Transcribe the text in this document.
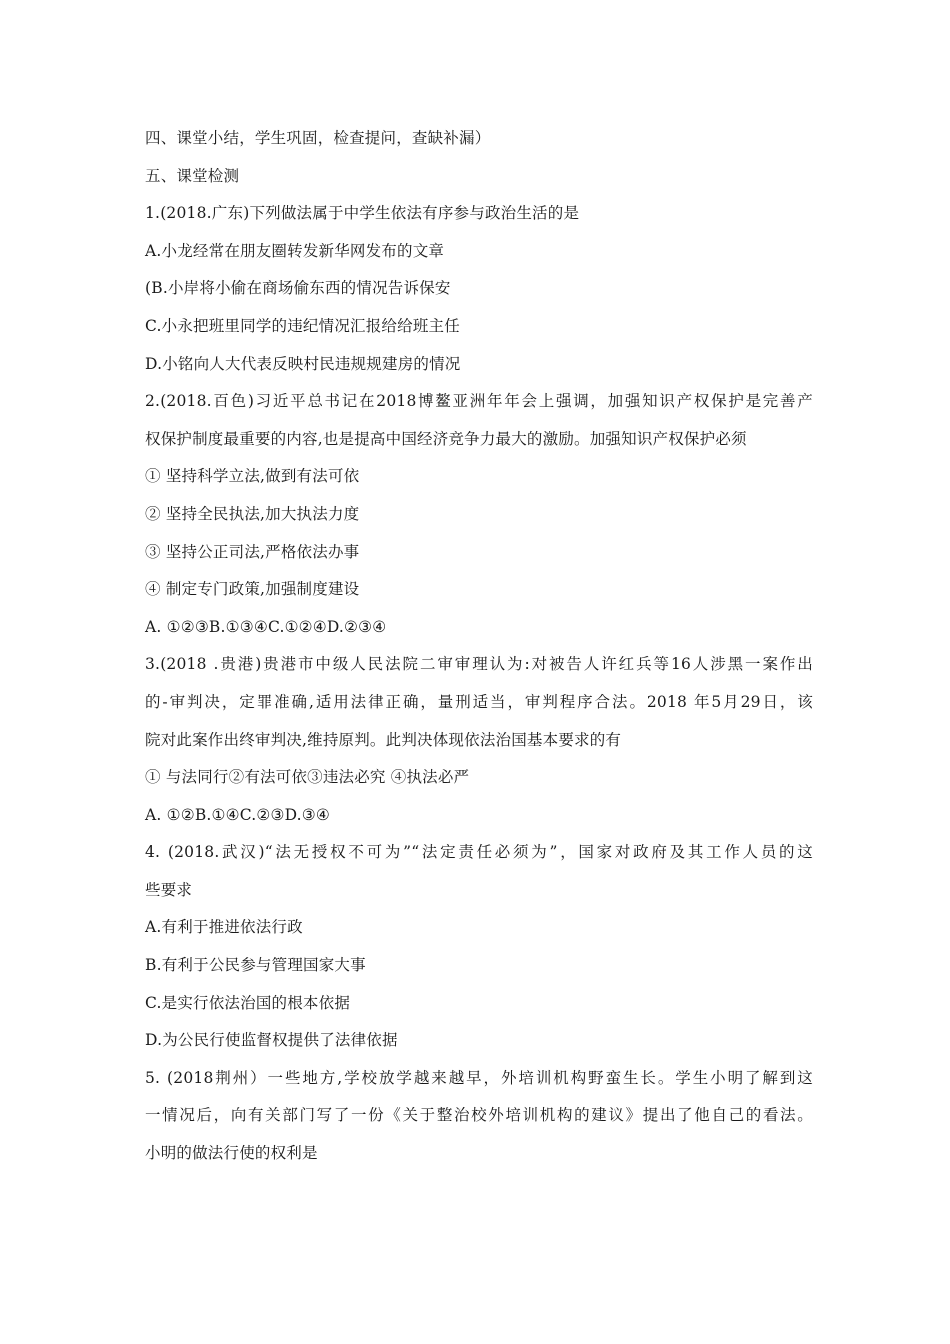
四、课堂小结，学生巩固，检查提问，查缺补漏）
五、课堂检测
1.(2018.广东)下列做法属于中学生依法有序参与政治生活的是
A.小龙经常在朋友圈转发新华网发布的文章
(B.小岸将小偷在商场偷东西的情况告诉保安
C.小永把班里同学的违纪情况汇报给给班主任
D.小铭向人大代表反映村民违规规建房的情况
2.(2018.百色)习近平总书记在2018博鳌亚洲年年会上强调，加强知识产权保护是完善产
权保护制度最重要的内容,也是提高中国经济竞争力最大的激励。加强知识产权保护必须
① 坚持科学立法,做到有法可依
② 坚持全民执法,加大执法力度
③ 坚持公正司法,严格依法办事
④ 制定专门政策,加强制度建设
A. ①②③B.①③④C.①②④D.②③④
3.(2018 .贵港)贵港市中级人民法院二审审理认为:对被告人许红兵等16人涉黑一案作出
的-审判决，定罪准确,适用法律正确，量刑适当，审判程序合法。2018 年5月29日，该
院对此案作出终审判决,维持原判。此判决体现依法治国基本要求的有
① 与法同行②有法可依③违法必究 ④执法必严
A. ①②B.①④C.②③D.③④
4. (2018.武汉)“法无授权不可为”“法定责任必须为”，国家对政府及其工作人员的这
些要求
A.有利于推进依法行政
B.有利于公民参与管理国家大事
C.是实行依法治国的根本依据
D.为公民行使监督权提供了法律依据
5. (2018荆州）一些地方,学校放学越来越早，外培训机构野蛮生长。学生小明了解到这
一情况后，向有关部门写了一份《关于整治校外培训机构的建议》提出了他自己的看法。
小明的做法行使的权利是
